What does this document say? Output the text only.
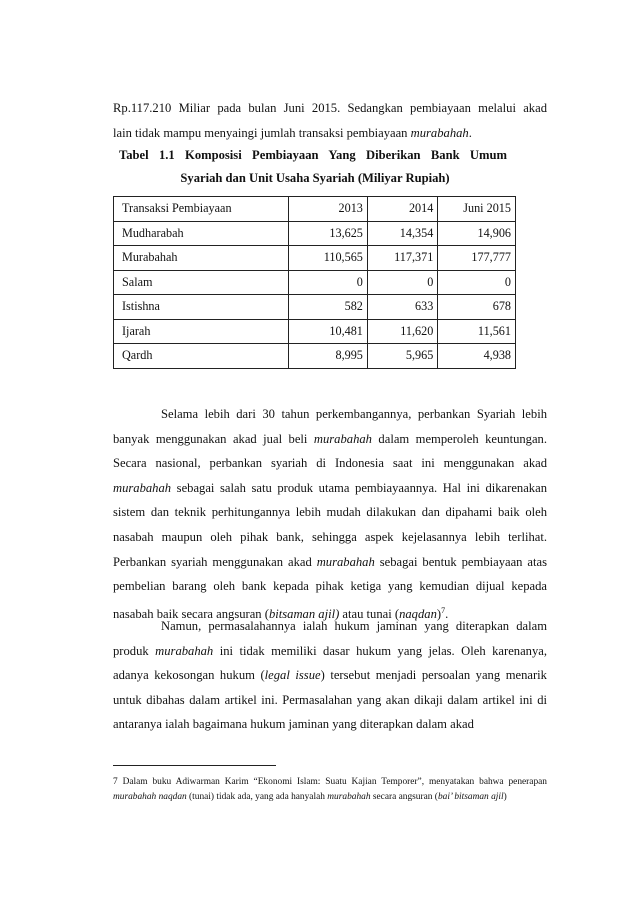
Rp.117.210 Miliar pada bulan Juni 2015. Sedangkan pembiayaan melalui akad

lain tidak mampu menyaingi jumlah transaksi pembiayaan murabahah.

Tabel 1.1 Komposisi Pembiayaan Yang Diberikan Bank Umum
Syariah dan Unit Usaha Syariah (Miliyar Rupiah)
Transaksi Pembiayaan	2013	2014	Juni 2015
Mudharabah	13,625	14,354	14,906
Murabahah	110,565	117,371	177,777
Salam	0	0	0
Istishna	582	633	678
Ijarah	10,481	11,620	11,561
Qardh	8,995	5,965	4,938

Selama lebih dari 30 tahun perkembangannya, perbankan Syariah lebih banyak menggunakan akad jual beli murabahah dalam memperoleh keuntungan. Secara nasional, perbankan syariah di Indonesia saat ini menggunakan akad murabahah sebagai salah satu produk utama pembiayaannya. Hal ini dikarenakan sistem dan teknik perhitungannya lebih mudah dilakukan dan dipahami baik oleh nasabah maupun oleh pihak bank, sehingga aspek kejelasannya lebih terlihat. Perbankan syariah menggunakan akad murabahah sebagai bentuk pembiayaan atas pembelian barang oleh bank kepada pihak ketiga yang kemudian dijual kepada nasabah baik secara angsuran (bitsaman ajil) atau tunai (naqdan)$^7$.

Namun, permasalahannya ialah hukum jaminan yang diterapkan dalam produk murabahah ini tidak memiliki dasar hukum yang jelas. Oleh karenanya, adanya kekosongan hukum (legal issue) tersebut menjadi persoalan yang menarik untuk dibahas dalam artikel ini. Permasalahan yang akan dikaji dalam artikel ini di antaranya ialah bagaimana hukum jaminan yang diterapkan dalam akad

7 Dalam buku Adiwarman Karim “Ekonomi Islam: Suatu Kajian Temporer”, menyatakan bahwa penerapan murabahah naqdan (tunai) tidak ada, yang ada hanyalah murabahah secara angsuran (bai’ bitsaman ajil)
